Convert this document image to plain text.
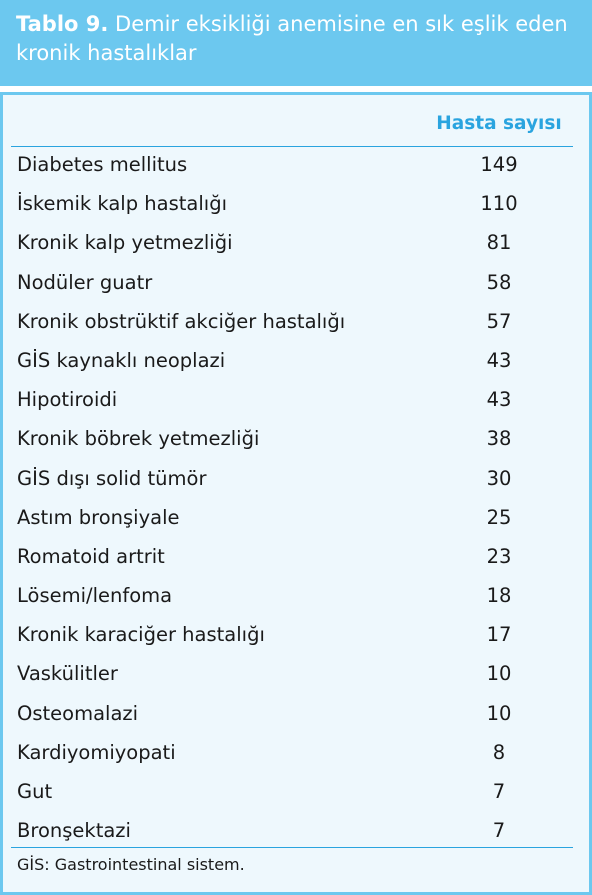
Tablo 9. Demir eksikliği anemisine en sık eşlik eden kronik hastalıklar
Hasta sayısı
Diabetes mellitus	149
İskemik kalp hastalığı	110
Kronik kalp yetmezliği	81
Nodüler guatr	58
Kronik obstrüktif akciğer hastalığı	57
GİS kaynaklı neoplazi	43
Hipotiroidi	43
Kronik böbrek yetmezliği	38
GİS dışı solid tümör	30
Astım bronşiyale	25
Romatoid artrit	23
Lösemi/lenfoma	18
Kronik karaciğer hastalığı	17
Vaskülitler	10
Osteomalazi	10
Kardiyomiyopati	8
Gut	7
Bronşektazi	7
GİS: Gastrointestinal sistem.
